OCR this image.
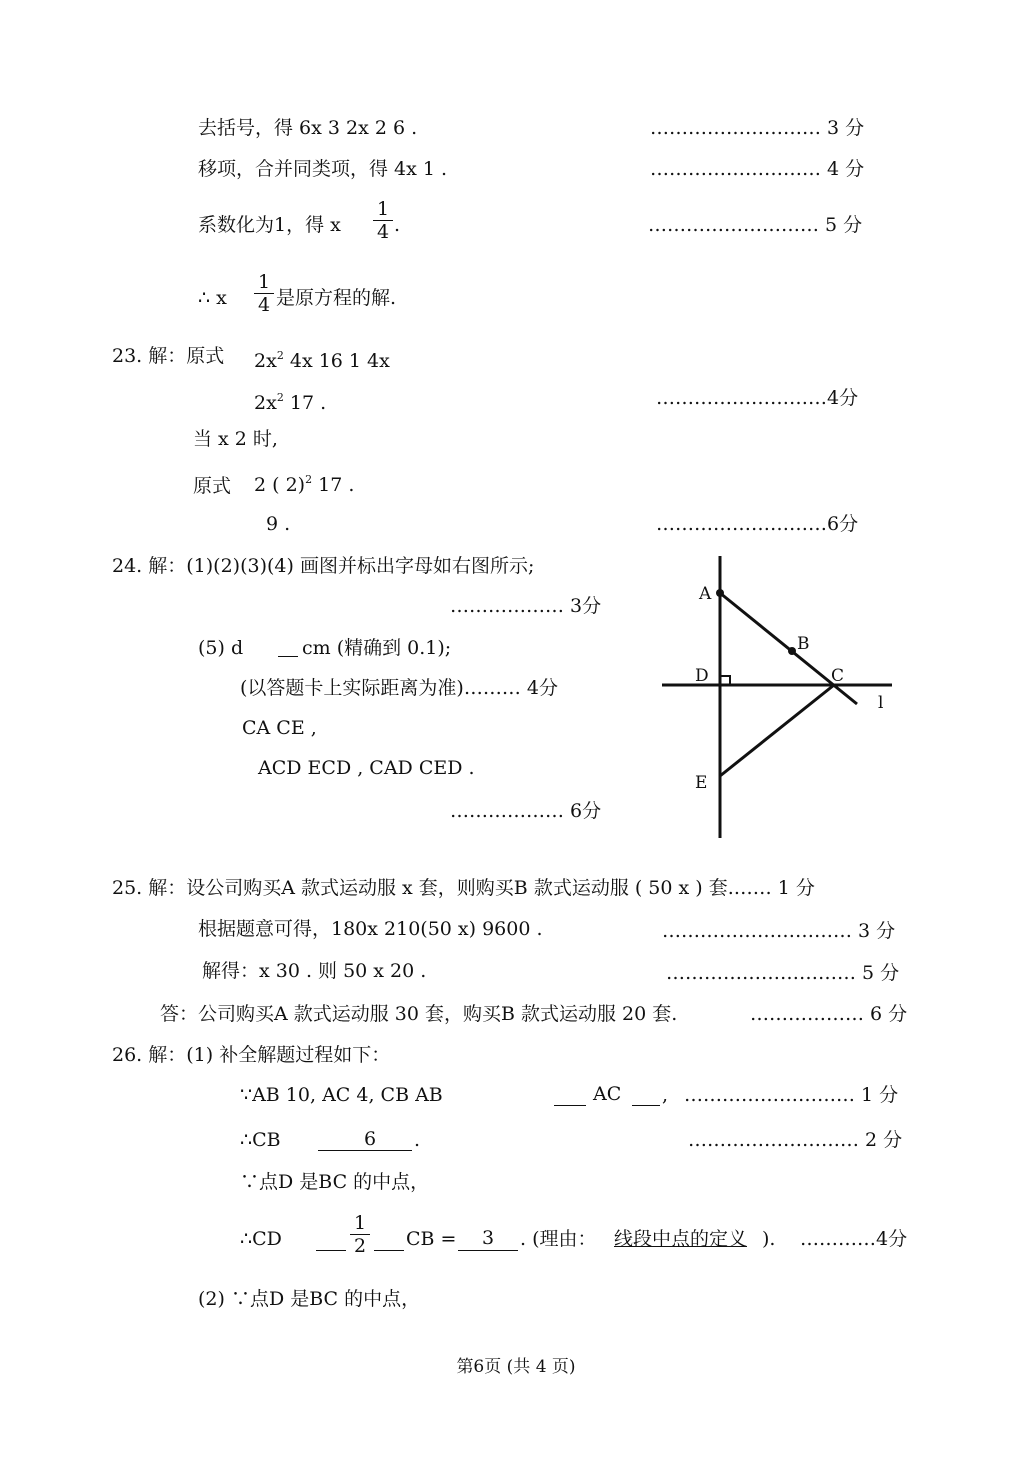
去括号，得 6x 3 2x 2 6 .	……………………… 3 分
移项，合并同类项，得 4x 1 .	……………………… 4 分
系数化为1，得 x
1
4 .	……………………… 5 分
∴ x
1
4 是原方程的解.
23. 解：原式 $2x^2$ 4x 16 1 4x
$2x^2$ 17 .	………………………4分
当 x 2 时,
原式 2 ( 2)$^2$ 17 .
9 .	………………………6分
24. 解：(1)(2)(3)(4) 画图并标出字母如右图所示;
……………… 3分
(5) d	cm (精确到 0.1);
(以答题卡上实际距离为准)……… 4分
CA CE ,
ACD ECD , CAD CED .
……………… 6分
A
B
D	C
l
E
25. 解：设公司购买A 款式运动服 x 套，则购买B 款式运动服 ( 50 x ) 套.…… 1 分
根据题意可得，180x 210(50 x) 9600 .	………………………… 3 分
解得：x 30 . 则 50 x 20 .	………………………… 5 分
答：公司购买A 款式运动服 30 套，购买B 款式运动服 20 套.	……………… 6 分
26. 解：(1) 补全解题过程如下：
∵AB 10, AC 4, CB AB	AC , ……………………… 1 分
∴CB	6 .	……………………… 2 分
∵点D 是BC 的中点，
∴CD
1
2 CB = 3 . (理由： 线段中点的定义 ). …………4分
(2) ∵点D 是BC 的中点，
第6页 (共 4 页)
